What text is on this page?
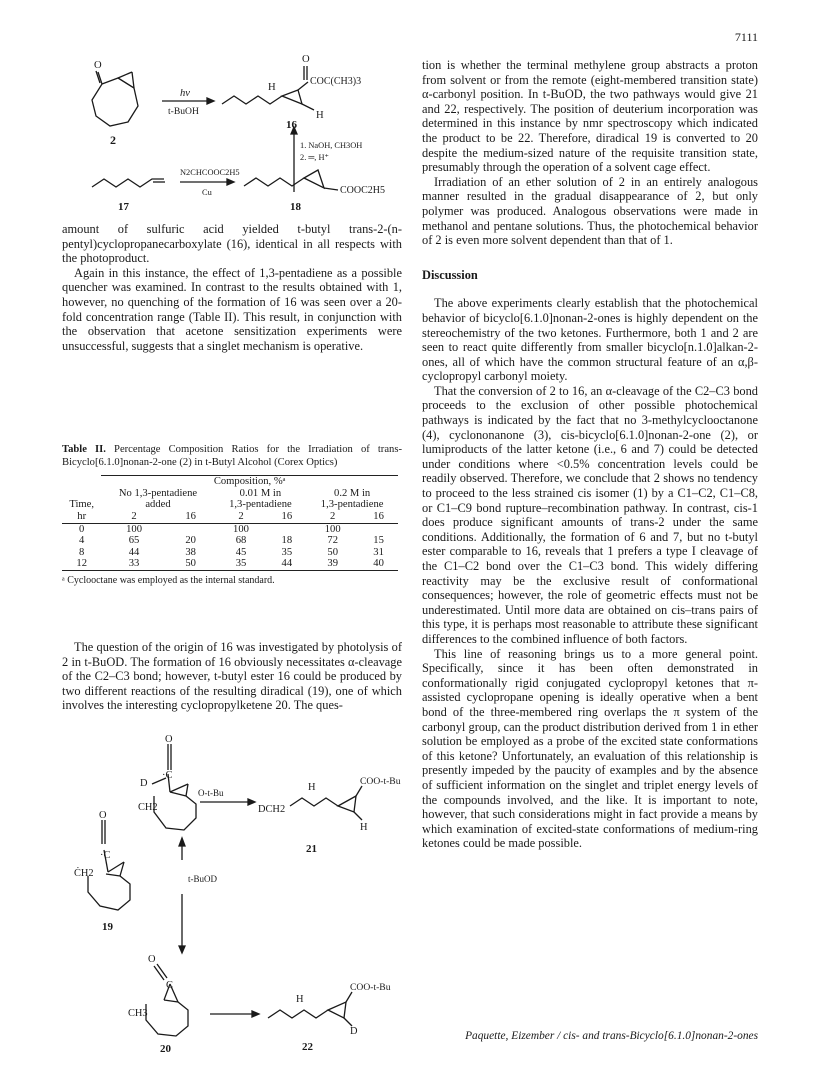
7111
O
2
hν
t-BuOH
H
O
COC(CH3)3
H
16
1. NaOH, CH3OH
2. ═, H⁺
17
N2CHCOOC2H5
Cu	COOC2H5
18

amount of sulfuric acid yielded t-butyl trans-2-(n-pentyl)cyclopropanecarboxylate (16), identical in all respects with the photoproduct.

Again in this instance, the effect of 1,3-pentadiene as a possible quencher was examined. In contrast to the results obtained with 1, however, no quenching of the formation of 16 was seen over a 20-fold concentration range (Table II). This result, in conjunction with the observation that acetone sensitization experiments were unsuccessful, suggests that a singlet mechanism is operative.

Table II. Percentage Composition Ratios for the Irradiation of trans-Bicyclo[6.1.0]nonan-2-one (2) in t-Butyl Alcohol (Corex Optics)

	Composition, %ᵃ					
	No 1,3-pentadiene		0.01 M in		0.2 M in	
Time,	added		1,3-pentadiene		1,3-pentadiene	
hr	2	16	2	16	2	16
0	100		100		100	
4	65	20	68	18	72	15
8	44	38	45	35	50	31
12	33	50	35	44	39	40

ᵃ Cyclooctane was employed as the internal standard.

The question of the origin of 16 was investigated by photolysis of 2 in t-BuOD. The formation of 16 obviously necessitates α-cleavage of the C2–C3 bond; however, t-butyl ester 16 could be produced by two different reactions of the resulting diradical (19), one of which involves the interesting cyclopropylketene 20. The ques-

O
D
·C
CH2
O-t-Bu
DCH2
H
COO-t-Bu
H
21
O
·C
ĊH2	t-BuOD
19
O
C
CH3
H
COO-t-Bu
D
20	22

tion is whether the terminal methylene group abstracts a proton from solvent or from the remote (eight-membered transition state) α-carbonyl position. In t-BuOD, the two pathways would give 21 and 22, respectively. The position of deuterium incorporation was determined in this instance by nmr spectroscopy which indicated the product to be 22. Therefore, diradical 19 is converted to 20 despite the medium-sized nature of the requisite transition state, presumably through the operation of a solvent cage effect.

Irradiation of an ether solution of 2 in an entirely analogous manner resulted in the gradual disappearance of 2, but only polymer was produced. Analogous observations were made in methanol and pentane solutions. Thus, the photochemical behavior of 2 is even more solvent dependent than that of 1.

Discussion

The above experiments clearly establish that the photochemical behavior of bicyclo[6.1.0]nonan-2-ones is highly dependent on the stereochemistry of the two ketones. Furthermore, both 1 and 2 are seen to react quite differently from smaller bicyclo[n.1.0]alkan-2-ones, all of which have the common structural feature of an α,β-cyclopropyl carbonyl moiety.

That the conversion of 2 to 16, an α-cleavage of the C2–C3 bond proceeds to the exclusion of other possible photochemical pathways is indicated by the fact that no 3-methylcyclooctanone (4), cyclononanone (3), cis-bicyclo[6.1.0]nonan-2-one (2), or lumiproducts of the latter ketone (i.e., 6 and 7) could be detected under conditions where <0.5% concentration levels could be readily observed. Therefore, we conclude that 2 shows no tendency to proceed to the less strained cis isomer (1) by a C1–C2, C1–C8, or C1–C9 bond rupture–recombination pathway. In contrast, cis-1 does produce significant amounts of trans-2 under the same conditions. Additionally, the formation of 6 and 7, but no t-butyl ester comparable to 16, reveals that 1 prefers a type I cleavage of the C1–C2 bond over the C1–C3 bond. This widely differing reactivity may be the exclusive result of conformational consequences; however, the role of geometric effects must not be underestimated. Until more data are obtained on cis–trans pairs of this type, it is perhaps most reasonable to attribute these significant differences to the combined influence of both factors.

This line of reasoning brings us to a more general point. Specifically, since it has been often demonstrated in conformationally rigid conjugated cyclopropyl ketones that π-assisted cyclopropane opening is ideally operative when a bent bond of the three-membered ring overlaps the π system of the carbonyl group, can the product distribution derived from 1 in ether solution be employed as a probe of the excited state conformations of this ketone? Unfortunately, an evaluation of this relationship is presently impeded by the paucity of examples and by the absence of sufficient information on the singlet and triplet energy levels of the compounds involved, and the like. It is important to note, however, that such considerations might in fact provide a means by which examination of excited-state conformations of medium-ring ketones could be made possible.

Paquette, Eizember / cis- and trans-Bicyclo[6.1.0]nonan-2-ones
